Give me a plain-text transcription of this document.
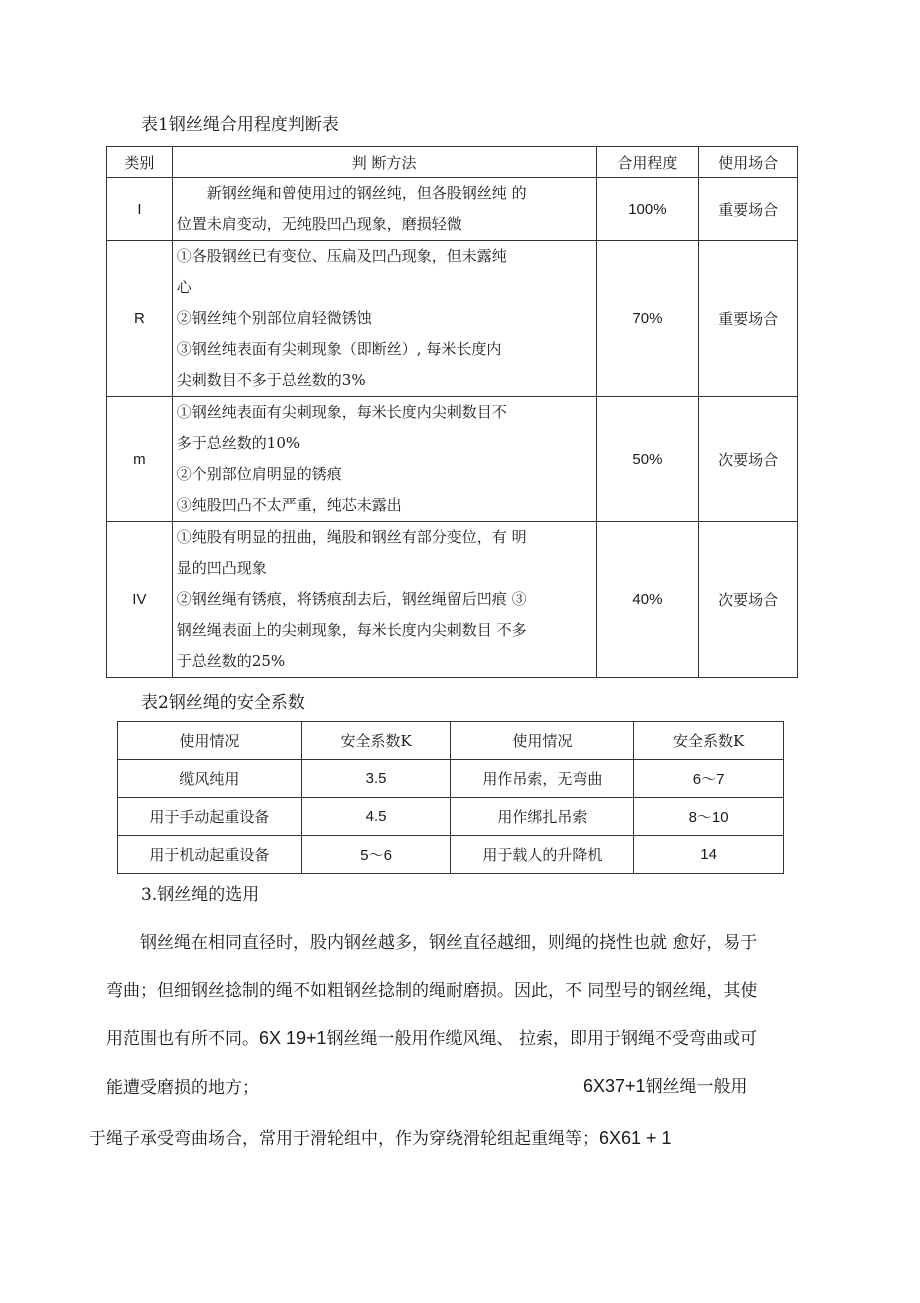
表1钢丝绳合用程度判断表
类别	判 断方法	合用程度	使用场合
I	　　新钢丝绳和曾使用过的钢丝纯，但各股钢丝纯 的
位置未肩变动，无纯股凹凸现象，磨损轻微	100%	重要场合
R	①各股钢丝已有变位、压扁及凹凸现象，但未露纯
心
②钢丝纯个别部位肩轻微锈蚀
③钢丝纯表面有尖刺现象（即断丝）, 每米长度内
尖刺数目不多于总丝数的3%	70%	重要场合
m	①钢丝纯表面有尖刺现象，每米长度内尖刺数目不
多于总丝数的10%
②个别部位肩明显的锈痕
③纯股凹凸不太严重，纯芯未露出	50%	次要场合
IV	①纯股有明显的扭曲，绳股和钢丝有部分变位，有 明
显的凹凸现象
②钢丝绳有锈痕，将锈痕刮去后，钢丝绳留后凹痕 ③
钢丝绳表面上的尖刺现象，每米长度内尖刺数目 不多
于总丝数的25%	40%	次要场合
表2钢丝绳的安全系数
使用情况	安全系数K	使用情况	安全系数K
缆风纯用	3.5	用作吊索，无弯曲	6～7
用于手动起重设备	4.5	用作绑扎吊索	8～10
用于机动起重设备	5～6	用于载人的升降机	14
3.钢丝绳的选用
　　钢丝绳在相同直径时，股内钢丝越多，钢丝直径越细，则绳的挠性也就 愈好，易于
弯曲；但细钢丝捻制的绳不如粗钢丝捻制的绳耐磨损。因此，不 同型号的钢丝绳，其使
用范围也有所不同。6X 19+1钢丝绳一般用作缆风绳、 拉索，即用于钢绳不受弯曲或可
能遭受磨损的地方；	6X37+1钢丝绳一般用
于绳子承受弯曲场合，常用于滑轮组中，作为穿绕滑轮组起重绳等；6X61 + 1
